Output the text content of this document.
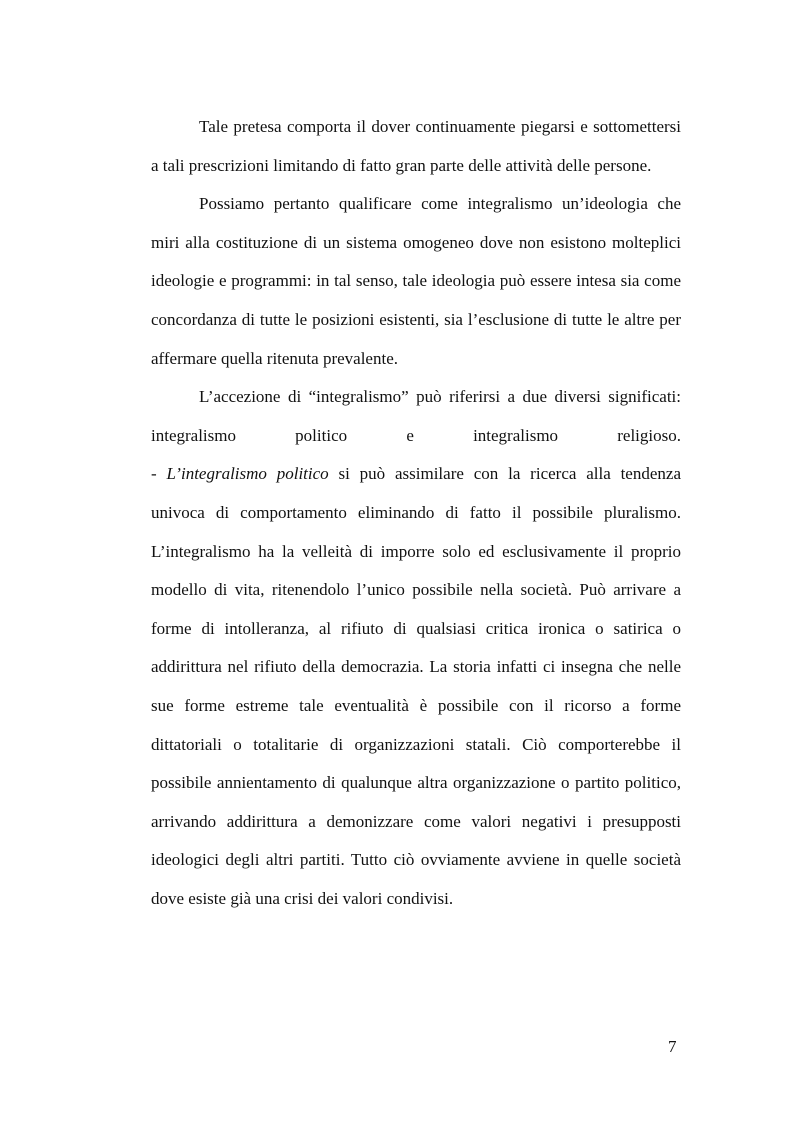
Tale pretesa comporta il dover continuamente piegarsi e sottomettersi a tali prescrizioni limitando di fatto gran parte delle attività delle persone.

Possiamo pertanto qualificare come integralismo un’ideologia che miri alla costituzione di un sistema omogeneo dove non esistono molteplici ideologie e programmi: in tal senso, tale ideologia può essere intesa sia come concordanza di tutte le posizioni esistenti, sia l’esclusione di tutte le altre per affermare quella ritenuta prevalente.

L’accezione di “integralismo” può riferirsi a due diversi significati: integralismo politico e integralismo religioso.

- L’integralismo politico si può assimilare con la ricerca alla tendenza univoca di comportamento eliminando di fatto il possibile pluralismo. L’integralismo ha la velleità di imporre solo ed esclusivamente il proprio modello di vita, ritenendolo l’unico possibile nella società. Può arrivare a forme di intolleranza, al rifiuto di qualsiasi critica ironica o satirica o addirittura nel rifiuto della democrazia. La storia infatti ci insegna che nelle sue forme estreme tale eventualità è possibile con il ricorso a forme dittatoriali o totalitarie di organizzazioni statali. Ciò comporterebbe il possibile annientamento di qualunque altra organizzazione o partito politico, arrivando addirittura a demonizzare come valori negativi i presupposti ideologici degli altri partiti. Tutto ciò ovviamente avviene in quelle società dove esiste già una crisi dei valori condivisi.

7
